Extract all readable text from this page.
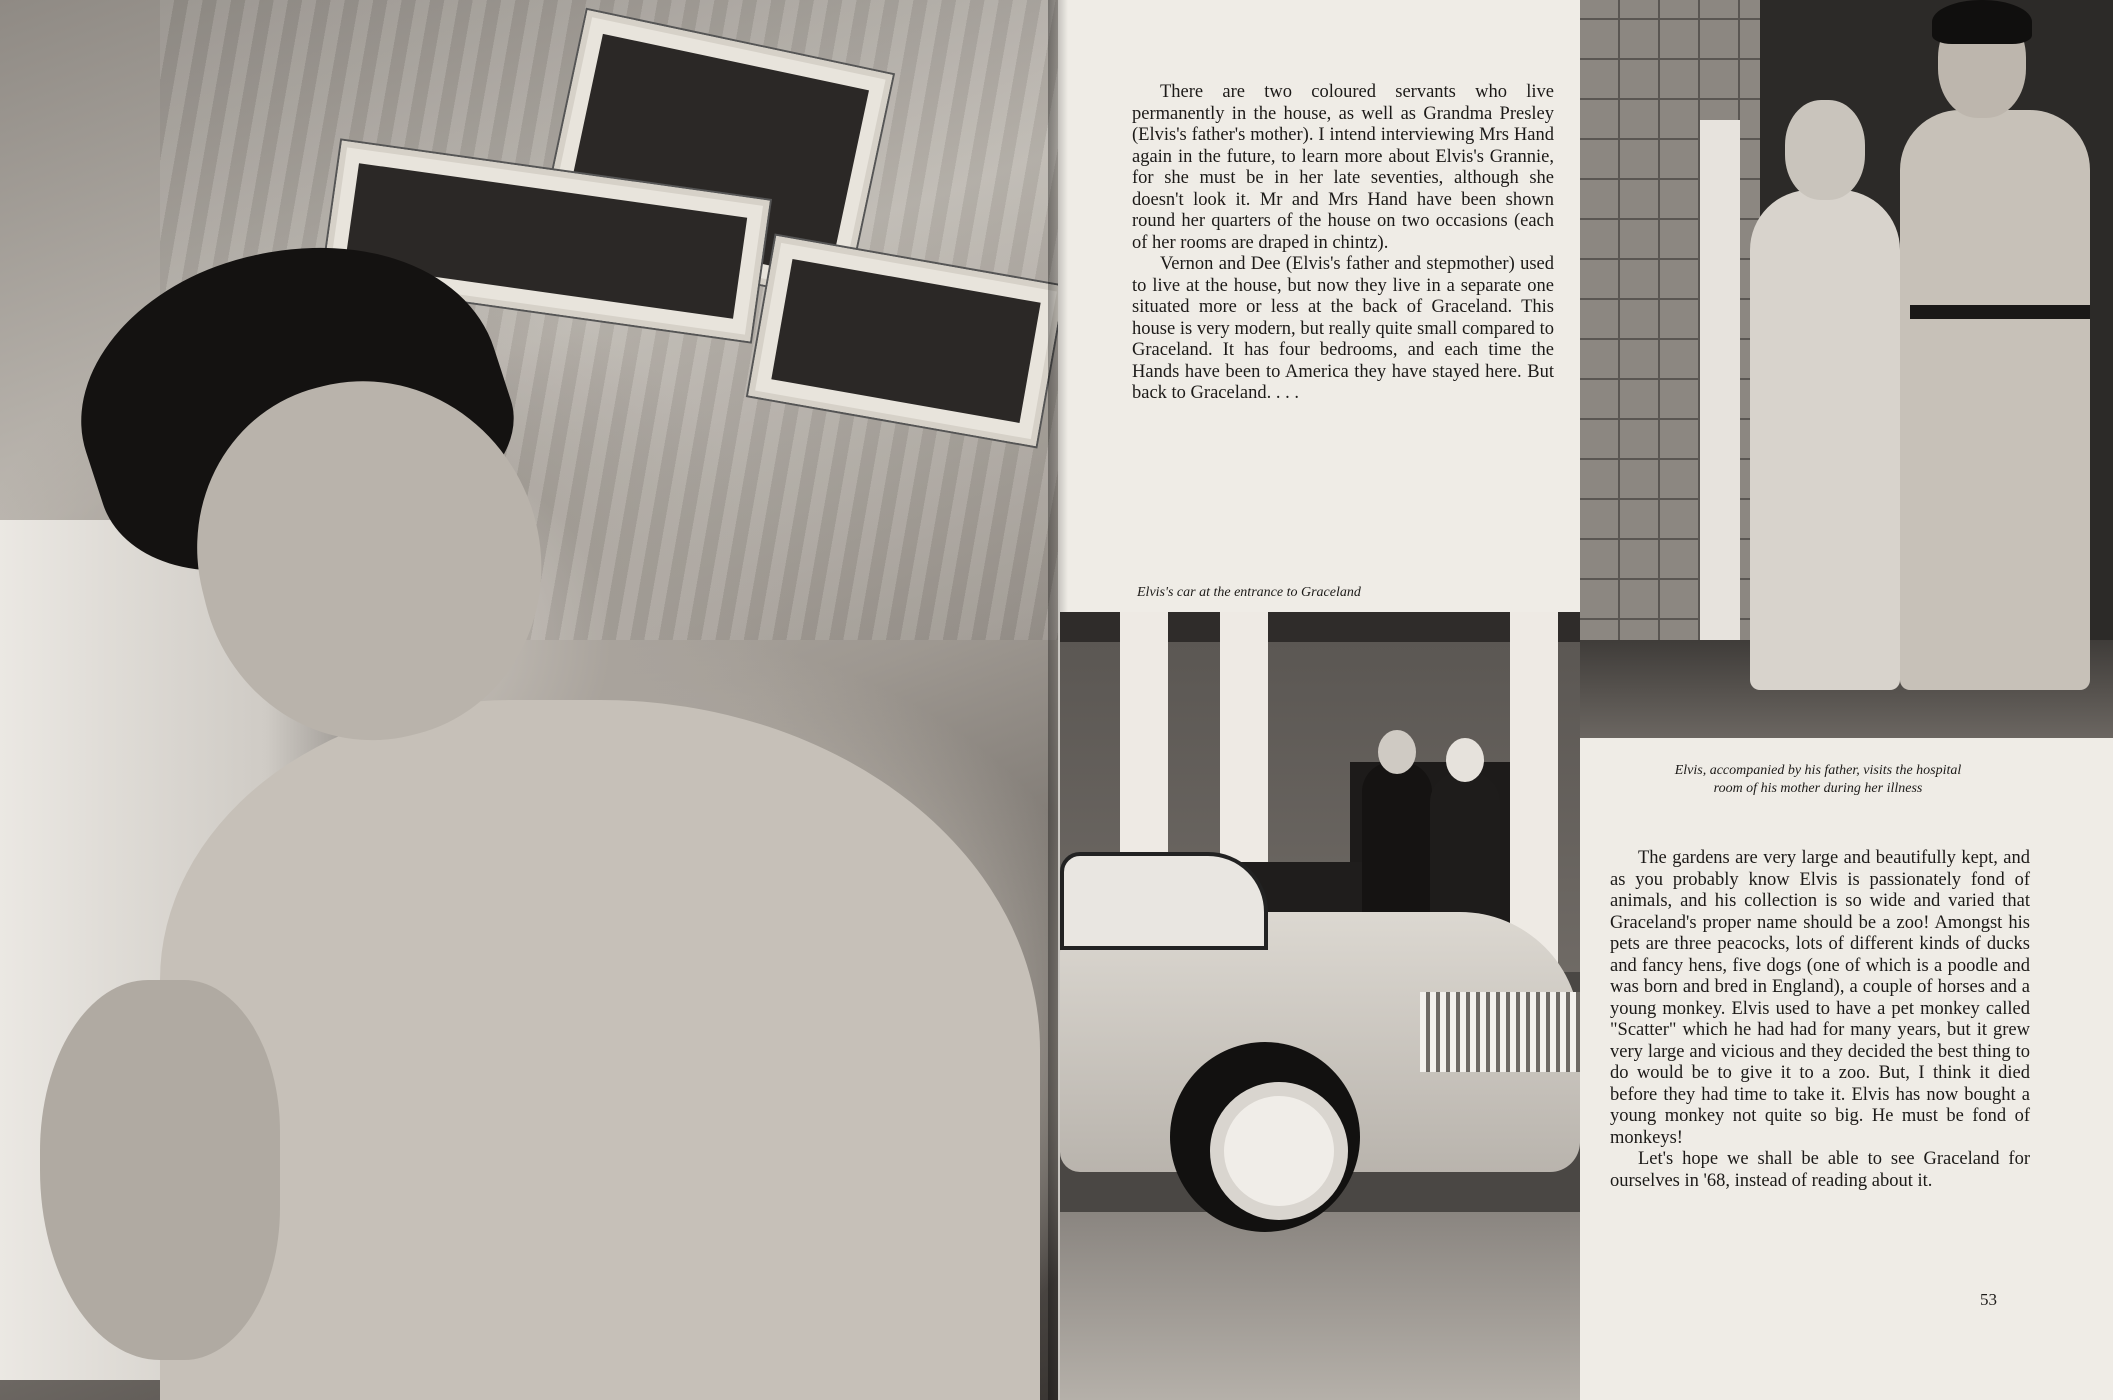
There are two coloured servants who live permanently in the house, as well as Grandma Presley (Elvis's father's mother). I intend interviewing Mrs Hand again in the future, to learn more about Elvis's Grannie, for she must be in her late seventies, although she doesn't look it. Mr and Mrs Hand have been shown round her quarters of the house on two occasions (each of her rooms are draped in chintz).

Vernon and Dee (Elvis's father and stepmother) used to live at the house, but now they live in a separate one situated more or less at the back of Graceland. This house is very modern, but really quite small compared to Graceland. It has four bedrooms, and each time the Hands have been to America they have stayed here. But back to Graceland. . . .

Elvis's car at the entrance to Graceland
Elvis, accompanied by his father, visits the hospital
room of his mother during her illness

The gardens are very large and beautifully kept, and as you probably know Elvis is passionately fond of animals, and his collection is so wide and varied that Graceland's proper name should be a zoo! Amongst his pets are three peacocks, lots of different kinds of ducks and fancy hens, five dogs (one of which is a poodle and was born and bred in England), a couple of horses and a young monkey. Elvis used to have a pet monkey called "Scatter" which he had had for many years, but it grew very large and vicious and they decided the best thing to do would be to give it to a zoo. But, I think it died before they had time to take it. Elvis has now bought a young monkey not quite so big. He must be fond of monkeys!

Let's hope we shall be able to see Graceland for ourselves in '68, instead of reading about it.

53
